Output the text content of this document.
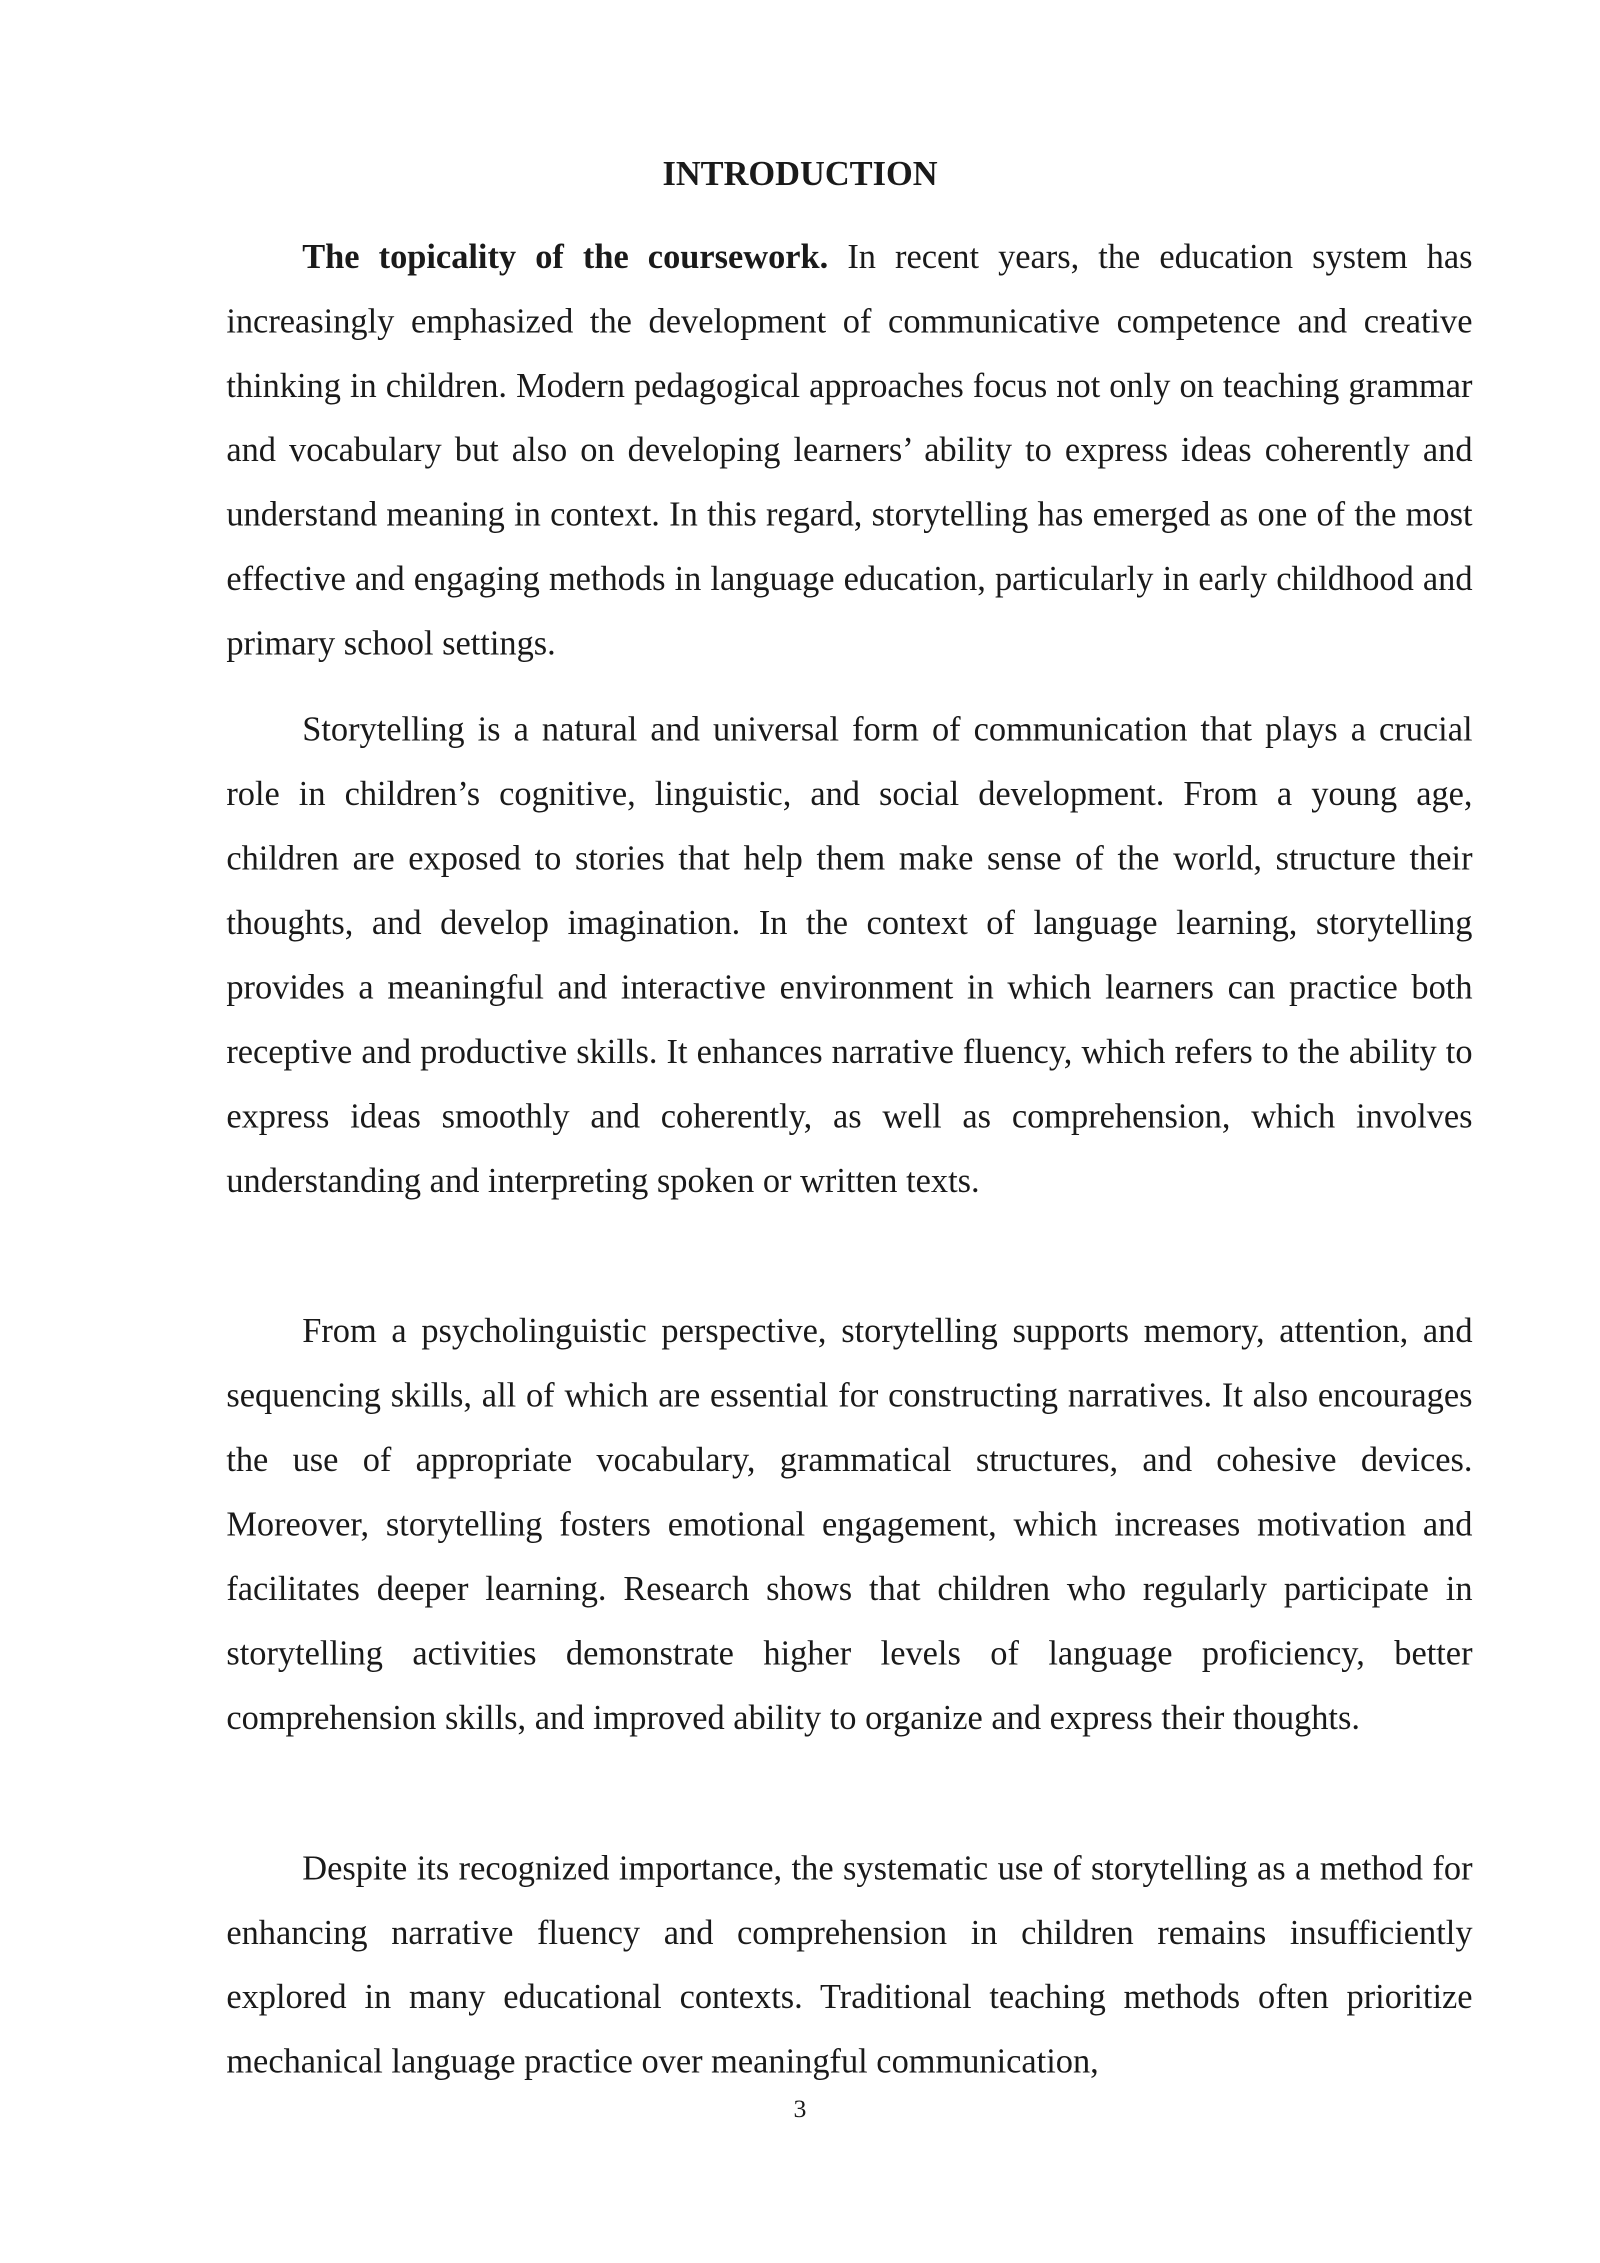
INTRODUCTION

The topicality of the coursework. In recent years, the education system has increasingly emphasized the development of communicative competence and creative thinking in children. Modern pedagogical approaches focus not only on teaching grammar and vocabulary but also on developing learners’ ability to express ideas coherently and understand meaning in context. In this regard, storytelling has emerged as one of the most effective and engaging methods in language education, particularly in early childhood and primary school settings.

Storytelling is a natural and universal form of communication that plays a crucial role in children’s cognitive, linguistic, and social development. From a young age, children are exposed to stories that help them make sense of the world, structure their thoughts, and develop imagination. In the context of language learning, storytelling provides a meaningful and interactive environment in which learners can practice both receptive and productive skills. It enhances narrative fluency, which refers to the ability to express ideas smoothly and coherently, as well as comprehension, which involves understanding and interpreting spoken or written texts.

From a psycholinguistic perspective, storytelling supports memory, attention, and sequencing skills, all of which are essential for constructing narratives. It also encourages the use of appropriate vocabulary, grammatical structures, and cohesive devices. Moreover, storytelling fosters emotional engagement, which increases motivation and facilitates deeper learning. Research shows that children who regularly participate in storytelling activities demonstrate higher levels of language proficiency, better comprehension skills, and improved ability to organize and express their thoughts.

Despite its recognized importance, the systematic use of storytelling as a method for enhancing narrative fluency and comprehension in children remains insufficiently explored in many educational contexts. Traditional teaching methods often prioritize mechanical language practice over meaningful communication,

3
